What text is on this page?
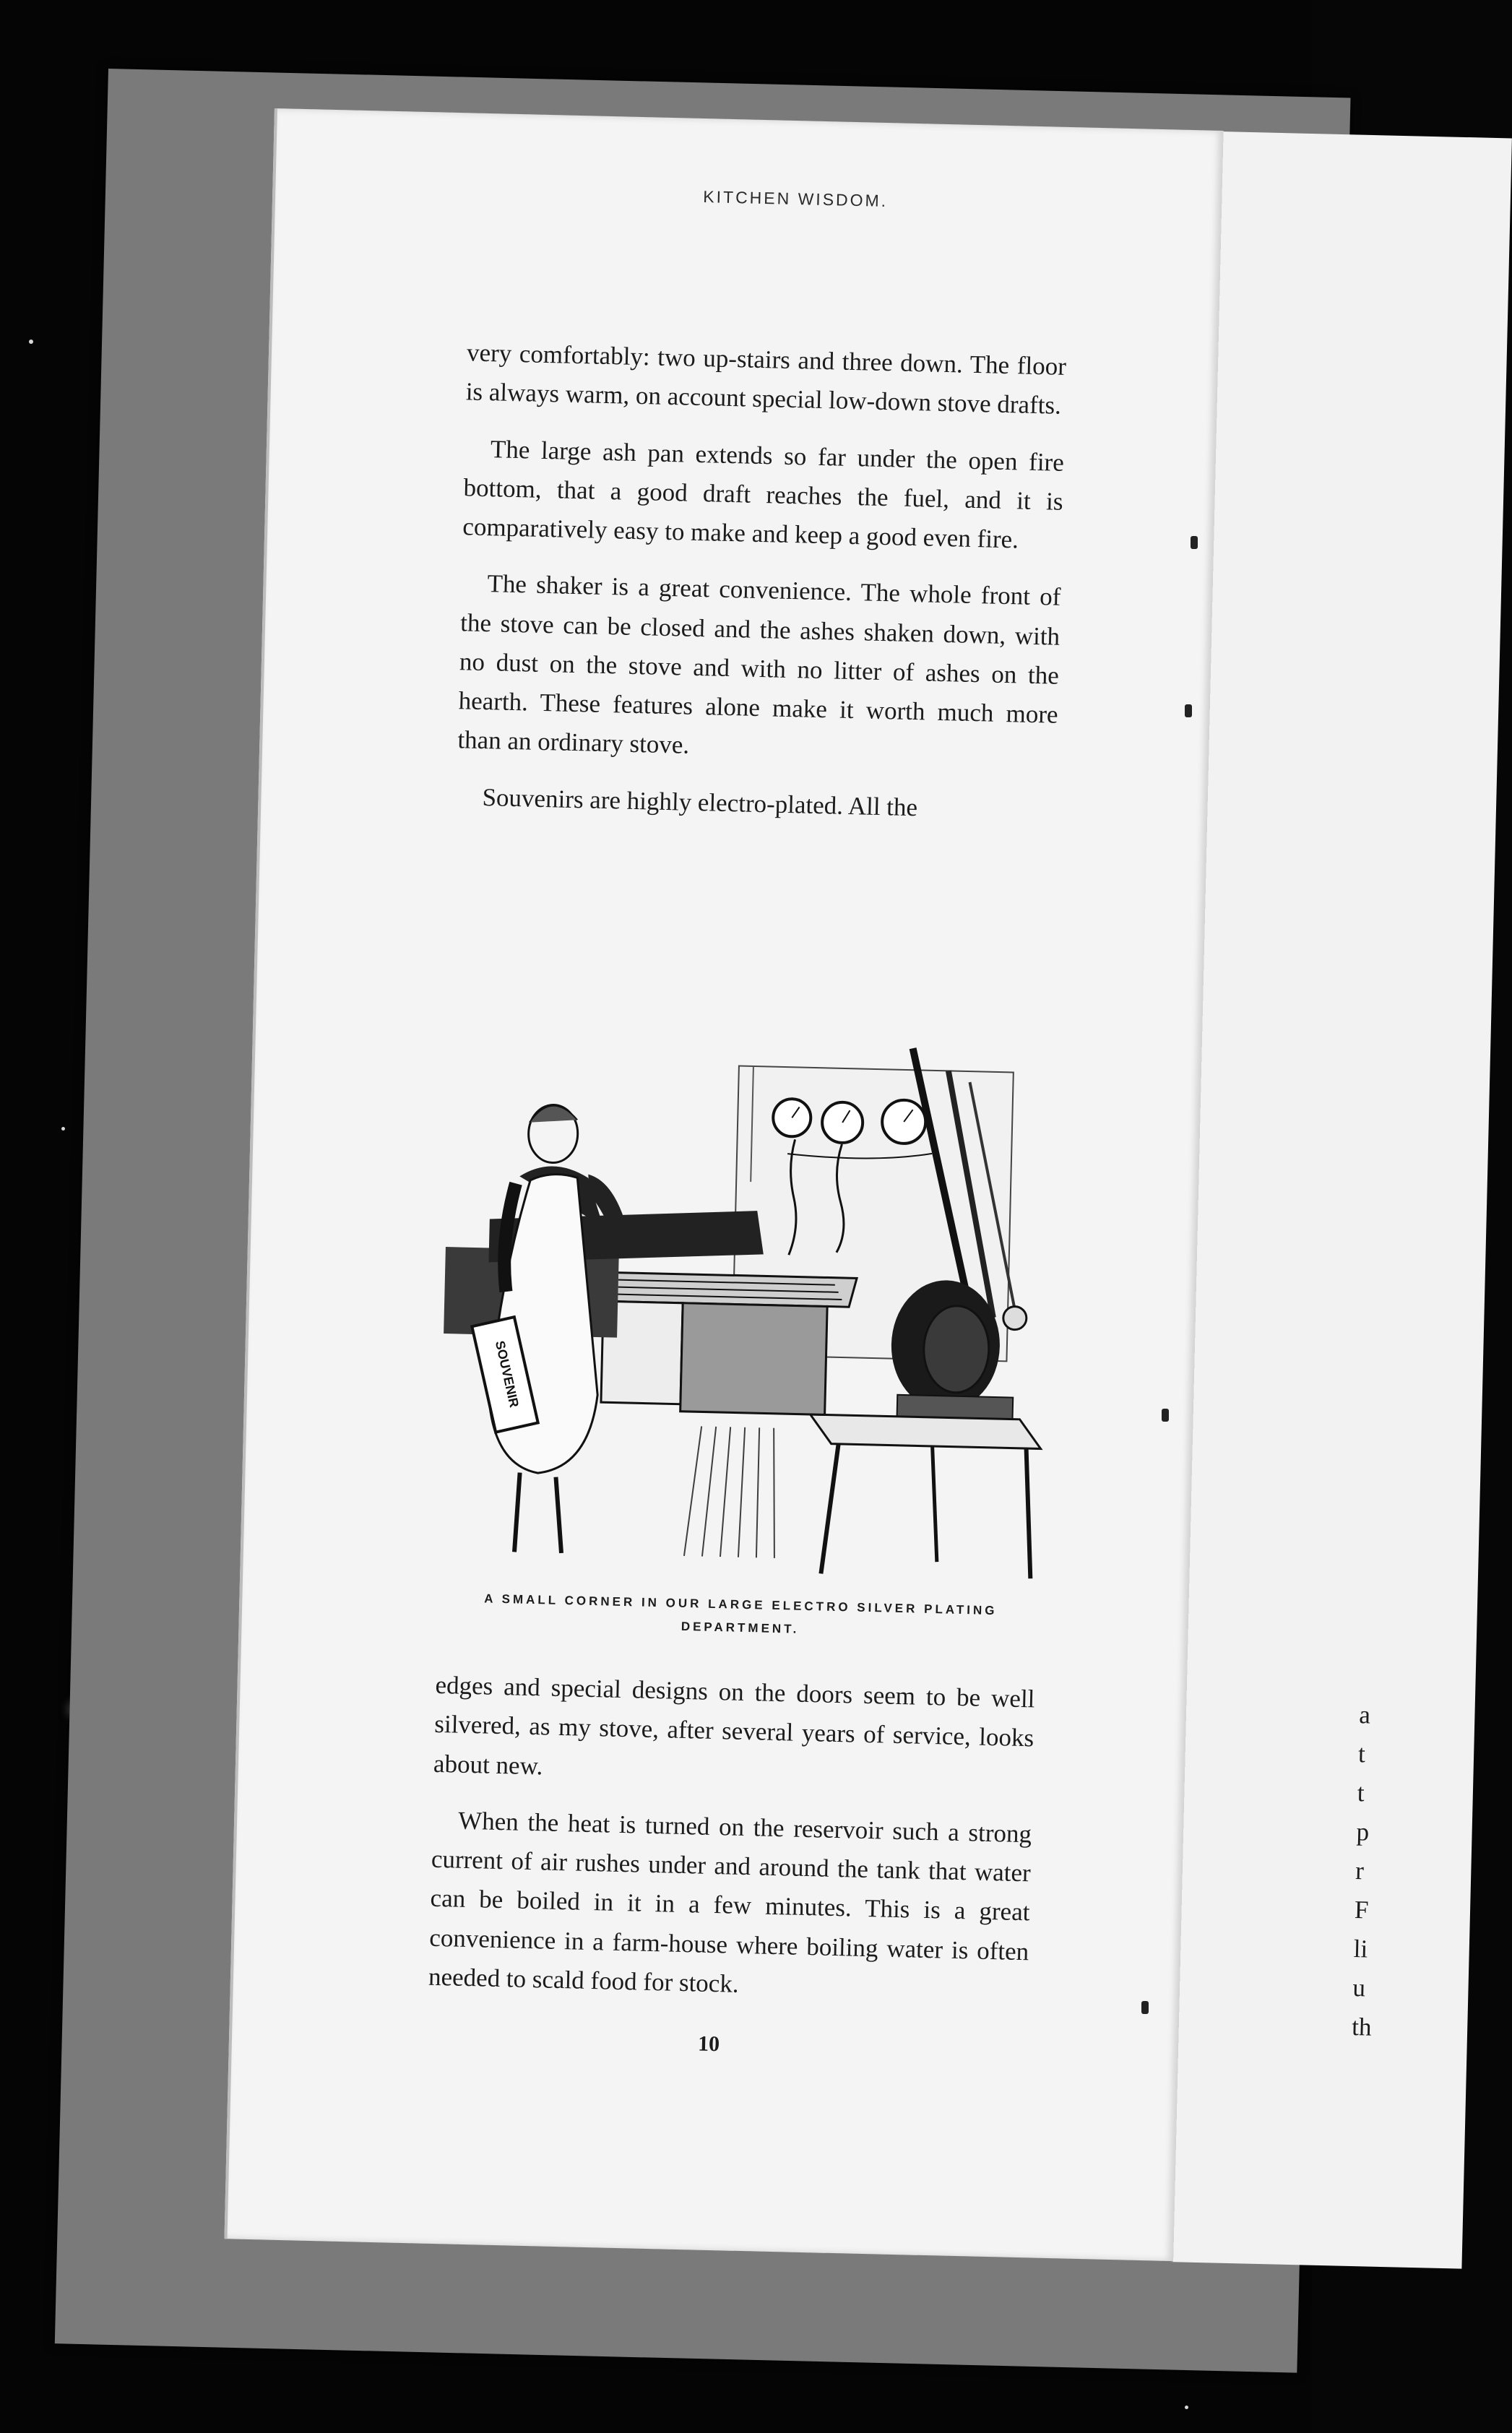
a
t
t
p
r
F
li
u
th
KITCHEN WISDOM.

very comfortably: two up-stairs and three down. The floor is always warm, on account special low-down stove drafts.

The large ash pan extends so far under the open fire bottom, that a good draft reaches the fuel, and it is comparatively easy to make and keep a good even fire.

The shaker is a great convenience. The whole front of the stove can be closed and the ashes shaken down, with no dust on the stove and with no litter of ashes on the hearth. These features alone make it worth much more than an ordinary stove.

Souvenirs are highly electro-plated. All the

SOUVENIR
A SMALL CORNER IN OUR LARGE ELECTRO SILVER PLATING DEPARTMENT.

edges and special designs on the doors seem to be well silvered, as my stove, after several years of service, looks about new.

When the heat is turned on the reservoir such a strong current of air rushes under and around the tank that water can be boiled in it in a few minutes. This is a great convenience in a farm-house where boiling water is often needed to scald food for stock.

10
